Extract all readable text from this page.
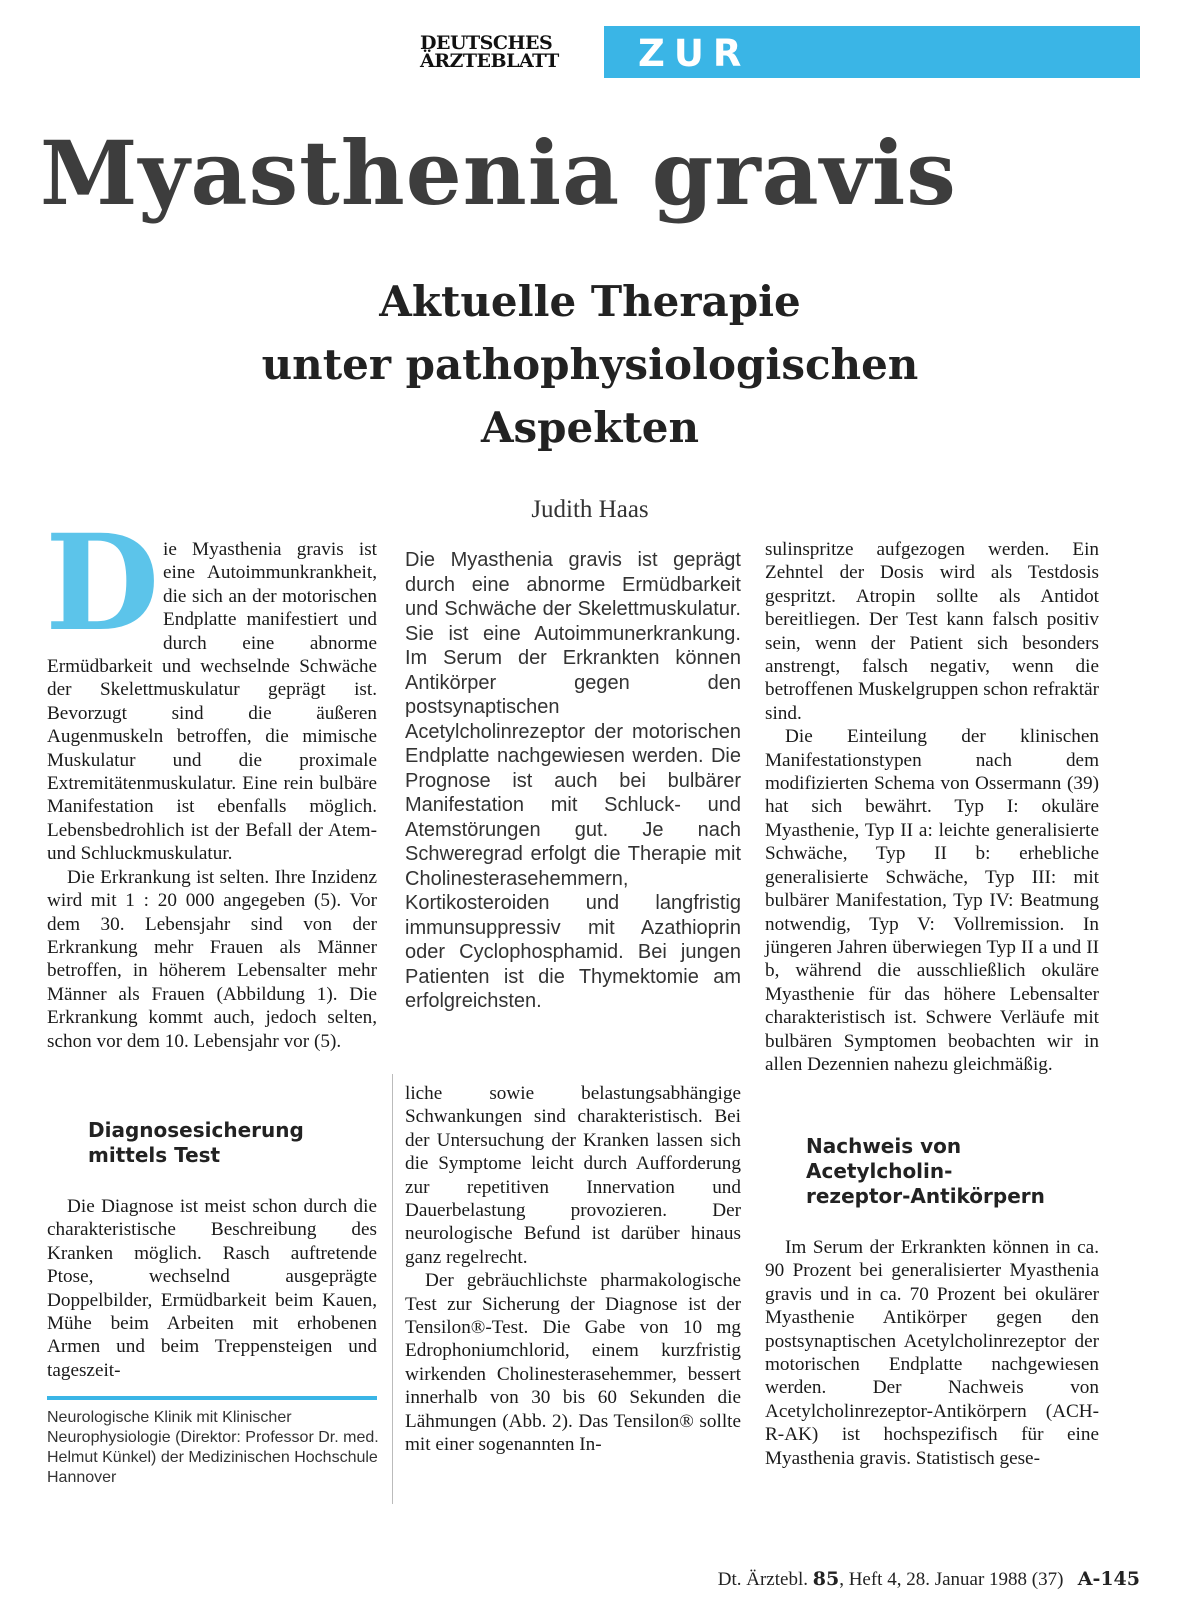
DEUTSCHES
ÄRZTEBLATT	ZUR FORTBILDUNG
Myasthenia gravis
Aktuelle Therapie
unter pathophysiologischen
Aspekten
Judith Haas
D ie Myasthenia gravis ist eine Autoimmunkrankheit, die sich an der motorischen Endplatte manifestiert und durch eine abnorme Ermüdbarkeit und wechselnde Schwäche der Skelettmuskulatur geprägt ist. Bevorzugt sind die äußeren Augenmuskeln betroffen, die mimische Muskulatur und die proximale Extremitätenmuskulatur. Eine rein bulbäre Manifestation ist ebenfalls möglich. Lebensbedrohlich ist der Befall der Atem- und Schluckmuskulatur.

Die Erkrankung ist selten. Ihre Inzidenz wird mit 1 : 20 000 angegeben (5). Vor dem 30. Lebensjahr sind von der Erkrankung mehr Frauen als Männer betroffen, in höherem Lebensalter mehr Männer als Frauen (Abbildung 1). Die Erkrankung kommt auch, jedoch selten, schon vor dem 10. Lebensjahr vor (5).

Diagnosesicherung
mittels Test

Die Diagnose ist meist schon durch die charakteristische Beschreibung des Kranken möglich. Rasch auftretende Ptose, wechselnd ausgeprägte Doppelbilder, Ermüdbarkeit beim Kauen, Mühe beim Arbeiten mit erhobenen Armen und beim Treppensteigen und tageszeit-

Neurologische Klinik mit Klinischer Neurophysiologie (Direktor: Professor Dr. med. Helmut Künkel) der Medizinischen Hochschule Hannover

Die Myasthenia gravis ist geprägt durch eine abnorme Ermüdbarkeit und Schwäche der Skelettmuskulatur. Sie ist eine Autoimmunerkrankung. Im Serum der Erkrankten können Antikörper gegen den postsynaptischen Acetylcholinrezeptor der motorischen Endplatte nachgewiesen werden. Die Prognose ist auch bei bulbärer Manifestation mit Schluck- und Atemstörungen gut. Je nach Schweregrad erfolgt die Therapie mit Cholinesterasehemmern, Kortikosteroiden und langfristig immunsuppressiv mit Azathioprin oder Cyclophosphamid. Bei jungen Patienten ist die Thymektomie am erfolgreichsten.

liche sowie belastungsabhängige Schwankungen sind charakteristisch. Bei der Untersuchung der Kranken lassen sich die Symptome leicht durch Aufforderung zur repetitiven Innervation und Dauerbelastung provozieren. Der neurologische Befund ist darüber hinaus ganz regelrecht.

Der gebräuchlichste pharmakologische Test zur Sicherung der Diagnose ist der Tensilon®-Test. Die Gabe von 10 mg Edrophoniumchlorid, einem kurzfristig wirkenden Cholinesterasehemmer, bessert innerhalb von 30 bis 60 Sekunden die Lähmungen (Abb. 2). Das Tensilon® sollte mit einer sogenannten In-

sulinspritze aufgezogen werden. Ein Zehntel der Dosis wird als Testdosis gespritzt. Atropin sollte als Antidot bereitliegen. Der Test kann falsch positiv sein, wenn der Patient sich besonders anstrengt, falsch negativ, wenn die betroffenen Muskelgruppen schon refraktär sind.

Die Einteilung der klinischen Manifestationstypen nach dem modifizierten Schema von Ossermann (39) hat sich bewährt. Typ I: okuläre Myasthenie, Typ II a: leichte generalisierte Schwäche, Typ II b: erhebliche generalisierte Schwäche, Typ III: mit bulbärer Manifestation, Typ IV: Beatmung notwendig, Typ V: Vollremission. In jüngeren Jahren überwiegen Typ II a und II b, während die ausschließlich okuläre Myasthenie für das höhere Lebensalter charakteristisch ist. Schwere Verläufe mit bulbären Symptomen beobachten wir in allen Dezennien nahezu gleichmäßig.

Nachweis von
Acetylcholin-
rezeptor-Antikörpern

Im Serum der Erkrankten können in ca. 90 Prozent bei generalisierter Myasthenia gravis und in ca. 70 Prozent bei okulärer Myasthenie Antikörper gegen den postsynaptischen Acetylcholinrezeptor der motorischen Endplatte nachgewiesen werden. Der Nachweis von Acetylcholinrezeptor-Antikörpern (ACH-R-AK) ist hochspezifisch für eine Myasthenia gravis. Statistisch gese-

Dt. Ärztebl. 85, Heft 4, 28. Januar 1988 (37) A-145
